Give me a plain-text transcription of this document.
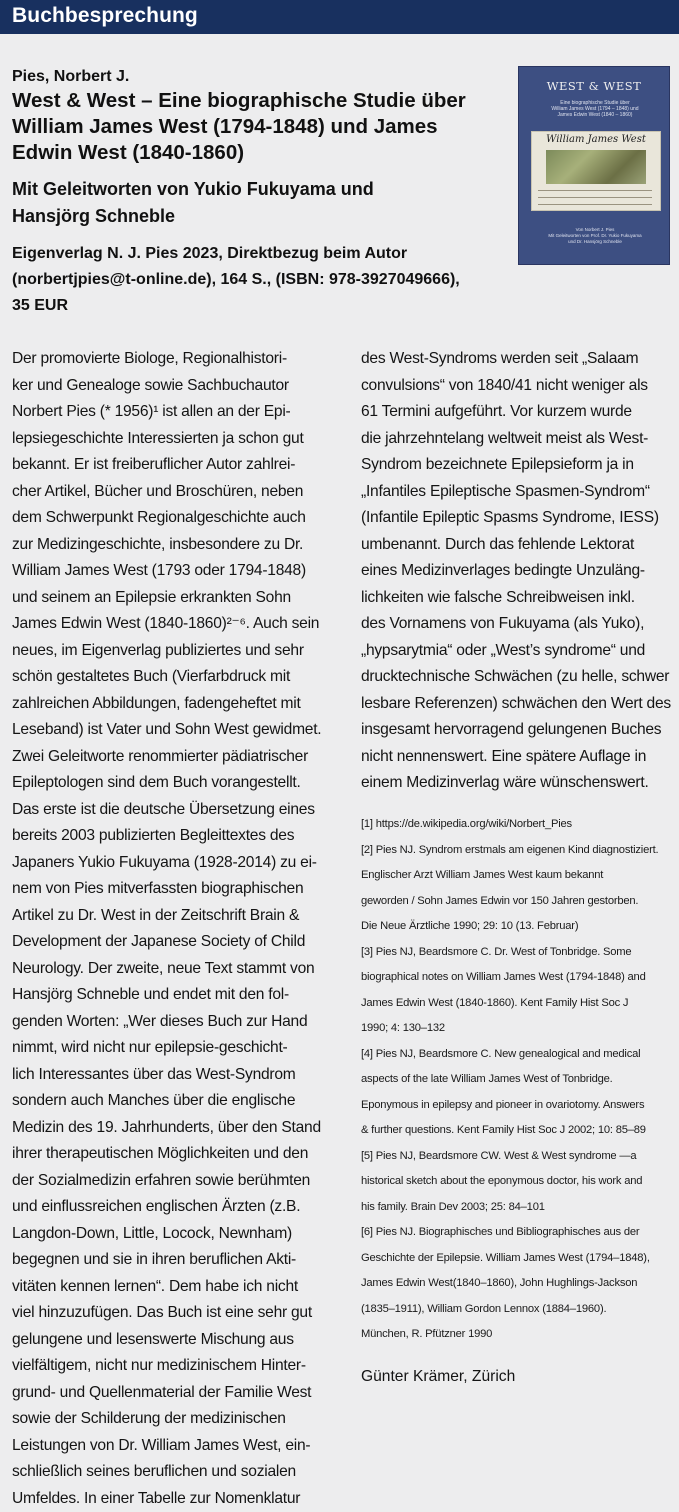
Buchbesprechung
Pies, Norbert J.
West & West – Eine biographische Studie über
William James West (1794-1848) und James
Edwin West (1840-1860)
Mit Geleitworten von Yukio Fukuyama und
Hansjörg Schneble
Eigenverlag N. J. Pies 2023, Direktbezug beim Autor
(norbertjpies@t-online.de), 164 S., (ISBN: 978-3927049666),
35 EUR
WEST & WEST
Eine biographische Studie über
William James West (1794 – 1848) und
James Edwin West (1840 – 1860)
William James West
Von Norbert J. Pies
Mit Geleitworten von Prof. Dr. Yukio Fukuyama
und Dr. Hansjörg Schneble
Der promovierte Biologe, Regionalhistori-
ker und Genealoge sowie Sachbuchautor
Norbert Pies (* 1956)¹ ist allen an der Epi-
lepsiegeschichte Interessierten ja schon gut
bekannt. Er ist freiberuflicher Autor zahlrei-
cher Artikel, Bücher und Broschüren, neben
dem Schwerpunkt Regionalgeschichte auch
zur Medizingeschichte, insbesondere zu Dr.
William James West (1793 oder 1794-1848)
und seinem an Epilepsie erkrankten Sohn
James Edwin West (1840-1860)²⁻⁶. Auch sein
neues, im Eigenverlag publiziertes und sehr
schön gestaltetes Buch (Vierfarbdruck mit
zahlreichen Abbildungen, fadengeheftet mit
Leseband) ist Vater und Sohn West gewidmet.
Zwei Geleitworte renommierter pädiatrischer
Epileptologen sind dem Buch vorangestellt.
Das erste ist die deutsche Übersetzung eines
bereits 2003 publizierten Begleittextes des
Japaners Yukio Fukuyama (1928-2014) zu ei-
nem von Pies mitverfassten biographischen
Artikel zu Dr. West in der Zeitschrift Brain &
Development der Japanese Society of Child
Neurology. Der zweite, neue Text stammt von
Hansjörg Schneble und endet mit den fol-
genden Worten: „Wer dieses Buch zur Hand
nimmt, wird nicht nur epilepsie-geschicht-
lich Interessantes über das West-Syndrom
sondern auch Manches über die englische
Medizin des 19. Jahrhunderts, über den Stand
ihrer therapeutischen Möglichkeiten und den
der Sozialmedizin erfahren sowie berühmten
und einflussreichen englischen Ärzten (z.B.
Langdon-Down, Little, Locock, Newnham)
begegnen und sie in ihren beruflichen Akti-
vitäten kennen lernen“. Dem habe ich nicht
viel hinzuzufügen. Das Buch ist eine sehr gut
gelungene und lesenswerte Mischung aus
vielfältigem, nicht nur medizinischem Hinter-
grund- und Quellenmaterial der Familie West
sowie der Schilderung der medizinischen
Leistungen von Dr. William James West, ein-
schließlich seines beruflichen und sozialen
Umfeldes. In einer Tabelle zur Nomenklatur
des West-Syndroms werden seit „Salaam
convulsions“ von 1840/41 nicht weniger als
61 Termini aufgeführt. Vor kurzem wurde
die jahrzehntelang weltweit meist als West-
Syndrom bezeichnete Epilepsieform ja in
„Infantiles Epileptische Spasmen-Syndrom“
(Infantile Epileptic Spasms Syndrome, IESS)
umbenannt. Durch das fehlende Lektorat
eines Medizinverlages bedingte Unzuläng-
lichkeiten wie falsche Schreibweisen inkl.
des Vornamens von Fukuyama (als Yuko),
„hypsarytmia“ oder „West’s syndrome“ und
drucktechnische Schwächen (zu helle, schwer
lesbare Referenzen) schwächen den Wert des
insgesamt hervorragend gelungenen Buches
nicht nennenswert. Eine spätere Auflage in
einem Medizinverlag wäre wünschenswert.
[1] https://de.wikipedia.org/wiki/Norbert_Pies
[2] Pies NJ. Syndrom erstmals am eigenen Kind diagnostiziert.
Englischer Arzt William James West kaum bekannt
geworden / Sohn James Edwin vor 150 Jahren gestorben.
Die Neue Ärztliche 1990; 29: 10 (13. Februar)
[3] Pies NJ, Beardsmore C. Dr. West of Tonbridge. Some
biographical notes on William James West (1794-1848) and
James Edwin West (1840-1860). Kent Family Hist Soc J
1990; 4: 130–132
[4] Pies NJ, Beardsmore C. New genealogical and medical
aspects of the late William James West of Tonbridge.
Eponymous in epilepsy and pioneer in ovariotomy. Answers
& further questions. Kent Family Hist Soc J 2002; 10: 85–89
[5] Pies NJ, Beardsmore CW. West & West syndrome —a
historical sketch about the eponymous doctor, his work and
his family. Brain Dev 2003; 25: 84–101
[6] Pies NJ. Biographisches und Bibliographisches aus der
Geschichte der Epilepsie. William James West (1794–1848),
James Edwin West(1840–1860), John Hughlings-Jackson
(1835–1911), William Gordon Lennox (1884–1960).
München, R. Pfützner 1990
Günter Krämer, Zürich
